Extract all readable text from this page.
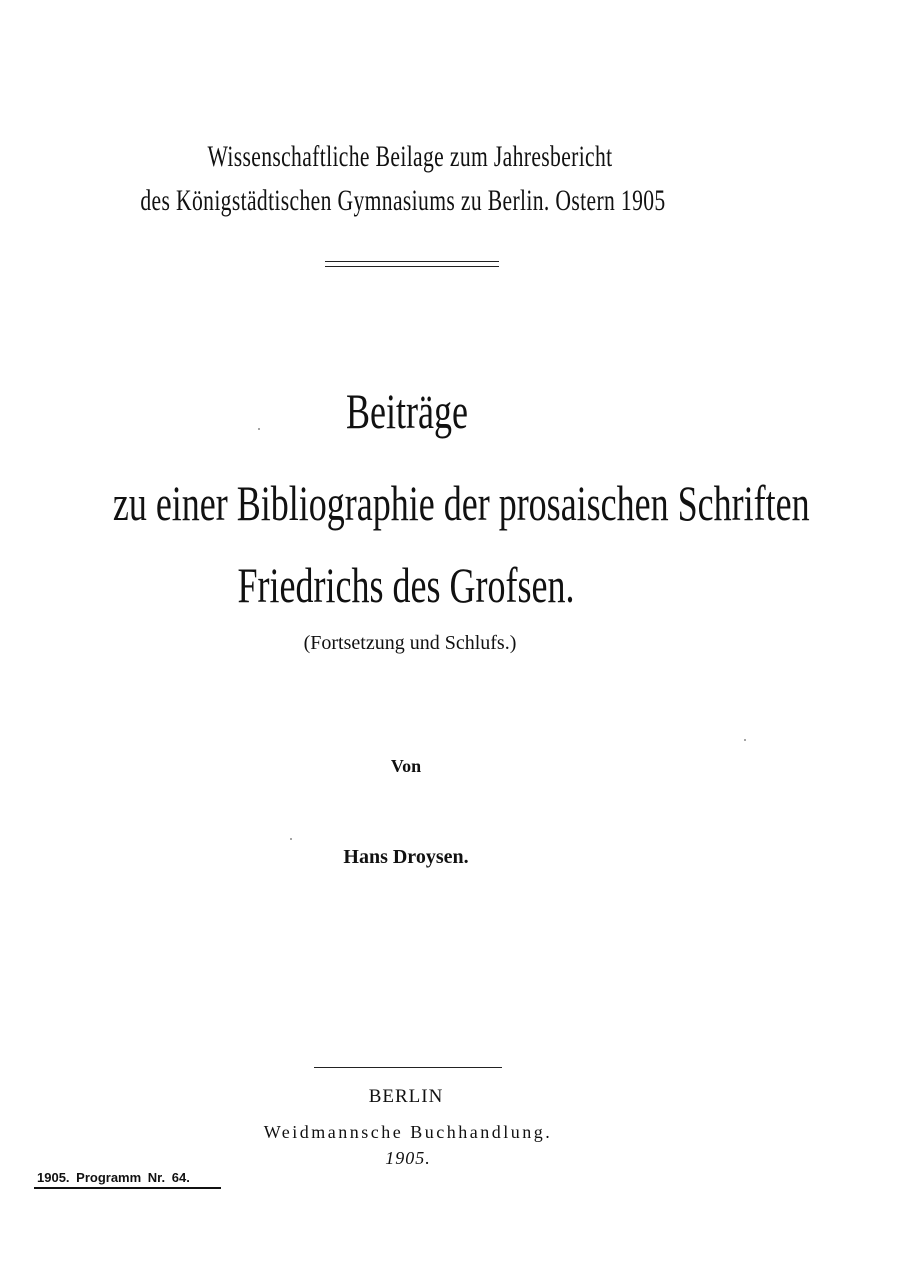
Wissenschaftliche Beilage zum Jahresbericht
des Königstädtischen Gymnasiums zu Berlin. Ostern 1905
Beiträge
zu einer Bibliographie der prosaischen Schriften
Friedrichs des Grofsen.
(Fortsetzung und Schlufs.)
Von
Hans Droysen.
BERLIN
Weidmannsche Buchhandlung.
1905.
1905. Programm Nr. 64.
